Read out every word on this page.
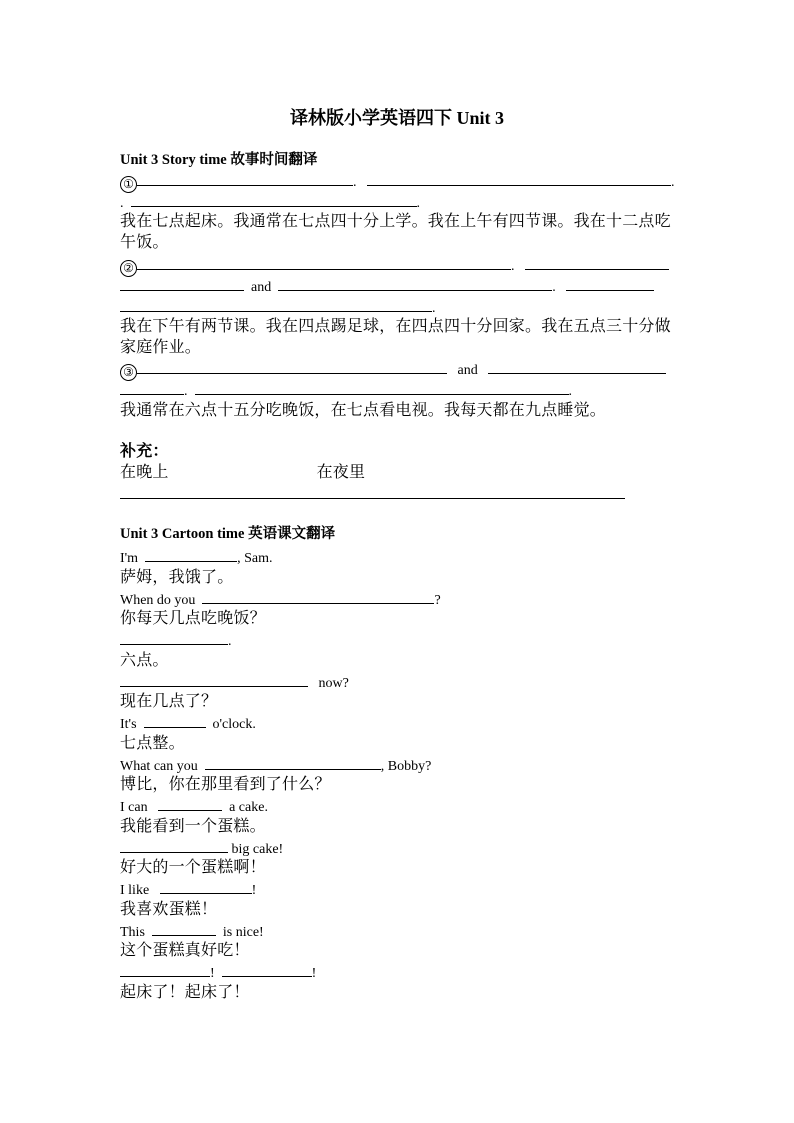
译林版小学英语四下 Unit 3
Unit 3 Story time 故事时间翻译
①	.	.
.	.
我在七点起床。我通常在七点四十分上学。我在上午有四节课。我在十二点吃午饭。
②	.
and	.
.
我在下午有两节课。我在四点踢足球，在四点四十分回家。我在五点三十分做家庭作业。
③	and
.	.
我通常在六点十五分吃晚饭，在七点看电视。我每天都在九点睡觉。
补充：
在晚上	在夜里
Unit 3 Cartoon time 英语课文翻译
I'm	, Sam.
萨姆，我饿了。
When do you	?
你每天几点吃晚饭？
.
六点。
now?
现在几点了？
It's	o'clock.
七点整。
What can you	, Bobby?
博比，你在那里看到了什么？
I can	a cake.
我能看到一个蛋糕。
big cake!
好大的一个蛋糕啊！
I like	!
我喜欢蛋糕！
This	is nice!
这个蛋糕真好吃！
!	!
起床了！起床了！
